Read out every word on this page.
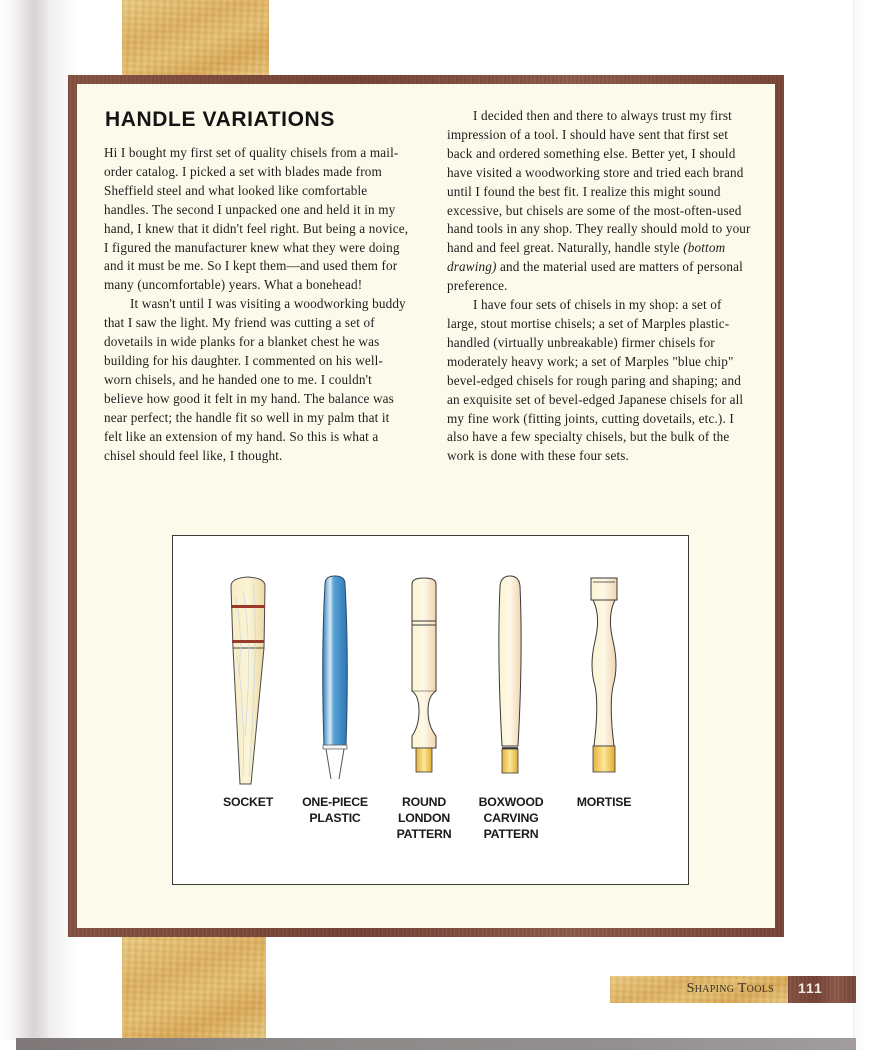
HANDLE VARIATIONS

Hi I bought my first set of quality chisels from a mail-order catalog. I picked a set with blades made from Sheffield steel and what looked like comfortable handles. The second I unpacked one and held it in my hand, I knew that it didn't feel right. But being a novice, I figured the manufacturer knew what they were doing and it must be me. So I kept them—and used them for many (uncomfortable) years. What a bonehead!

It wasn't until I was visiting a woodworking buddy that I saw the light. My friend was cutting a set of dovetails in wide planks for a blanket chest he was building for his daughter. I commented on his well-worn chisels, and he handed one to me. I couldn't believe how good it felt in my hand. The balance was near perfect; the handle fit so well in my palm that it felt like an extension of my hand. So this is what a chisel should feel like, I thought.

I decided then and there to always trust my first impression of a tool. I should have sent that first set back and ordered something else. Better yet, I should have visited a woodworking store and tried each brand until I found the best fit. I realize this might sound excessive, but chisels are some of the most-often-used hand tools in any shop. They really should mold to your hand and feel great. Naturally, handle style (bottom drawing) and the material used are matters of personal preference.

I have four sets of chisels in my shop: a set of large, stout mortise chisels; a set of Marples plastic-handled (virtually unbreakable) firmer chisels for moderately heavy work; a set of Marples "blue chip" bevel-edged chisels for rough paring and shaping; and an exquisite set of bevel-edged Japanese chisels for all my fine work (fitting joints, cutting dovetails, etc.). I also have a few specialty chisels, but the bulk of the work is done with these four sets.

SOCKET	ONE-PIECE
PLASTIC
ROUND
LONDON
PATTERN
BOXWOOD
CARVING
PATTERN
MORTISE
Shaping Tools 111
